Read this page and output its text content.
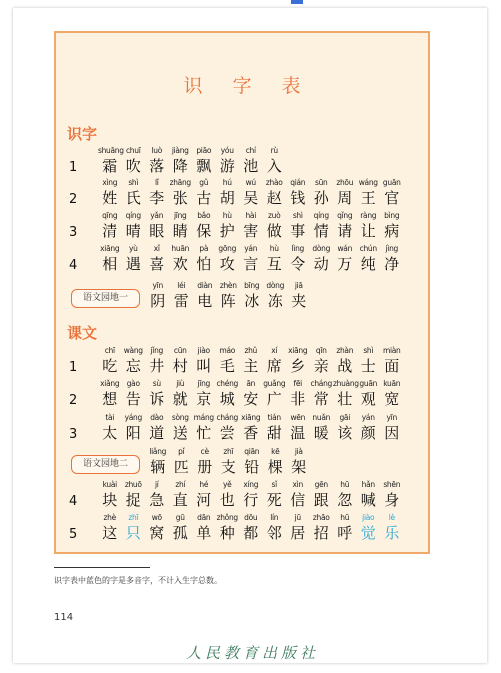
识 字 表
识字
课文
语文园地一
语文园地二
1
shuāng
霜
chuī
吹
luò
落
jiàng
降
piāo
飘
yóu
游
chí
池
rù
入
2
xìng
姓
shì
氏
lǐ
李
zhāng
张
gǔ
古
hú
胡
wú
吴
zhào
赵
qián
钱
sūn
孙
zhōu
周
wáng
王
guān
官
3
qīng
清
qíng
晴
yǎn
眼
jīng
睛
bǎo
保
hù
护
hài
害
zuò
做
shì
事
qíng
情
qǐng
请
ràng
让
bìng
病
4
xiāng
相
yù
遇
xǐ
喜
huān
欢
pà
怕
gōng
攻
yán
言
hù
互
lìng
令
dòng
动
wán
万
chún
纯
jìng
净
yīn
阴
léi
雷
diàn
电
zhèn
阵
bīng
冰
dòng
冻
jiā
夹
1
chī
吃
wàng
忘
jǐng
井
cūn
村
jiào
叫
máo
毛
zhǔ
主
xí
席
xiāng
乡
qīn
亲
zhàn
战
shì
士
miàn
面
2
xiǎng
想
gào
告
sù
诉
jiù
就
jīng
京
chéng
城
ān
安
guǎng
广
fēi
非
cháng
常
zhuàng
壮
guān
观
kuān
宽
3
tài
太
yáng
阳
dào
道
sòng
送
máng
忙
cháng
尝
xiāng
香
tián
甜
wēn
温
nuǎn
暖
gāi
该
yán
颜
yīn
因
4
kuài
块
zhuō
捉
jí
急
zhí
直
hé
河
yě
也
xíng
行
sǐ
死
xìn
信
gēn
跟
hū
忽
hǎn
喊
shēn
身
5
zhè
这
zhī
只
wō
窝
gū
孤
dān
单
zhǒng
种
dōu
都
lín
邻
jū
居
zhāo
招
hū
呼
jiào
觉
lè
乐
liǎng
辆
pǐ
匹
cè
册
zhī
支
qiān
铅
kē
棵
jià
架
识字表中蓝色的字是多音字，不计入生字总数。
114
人民教育出版社
